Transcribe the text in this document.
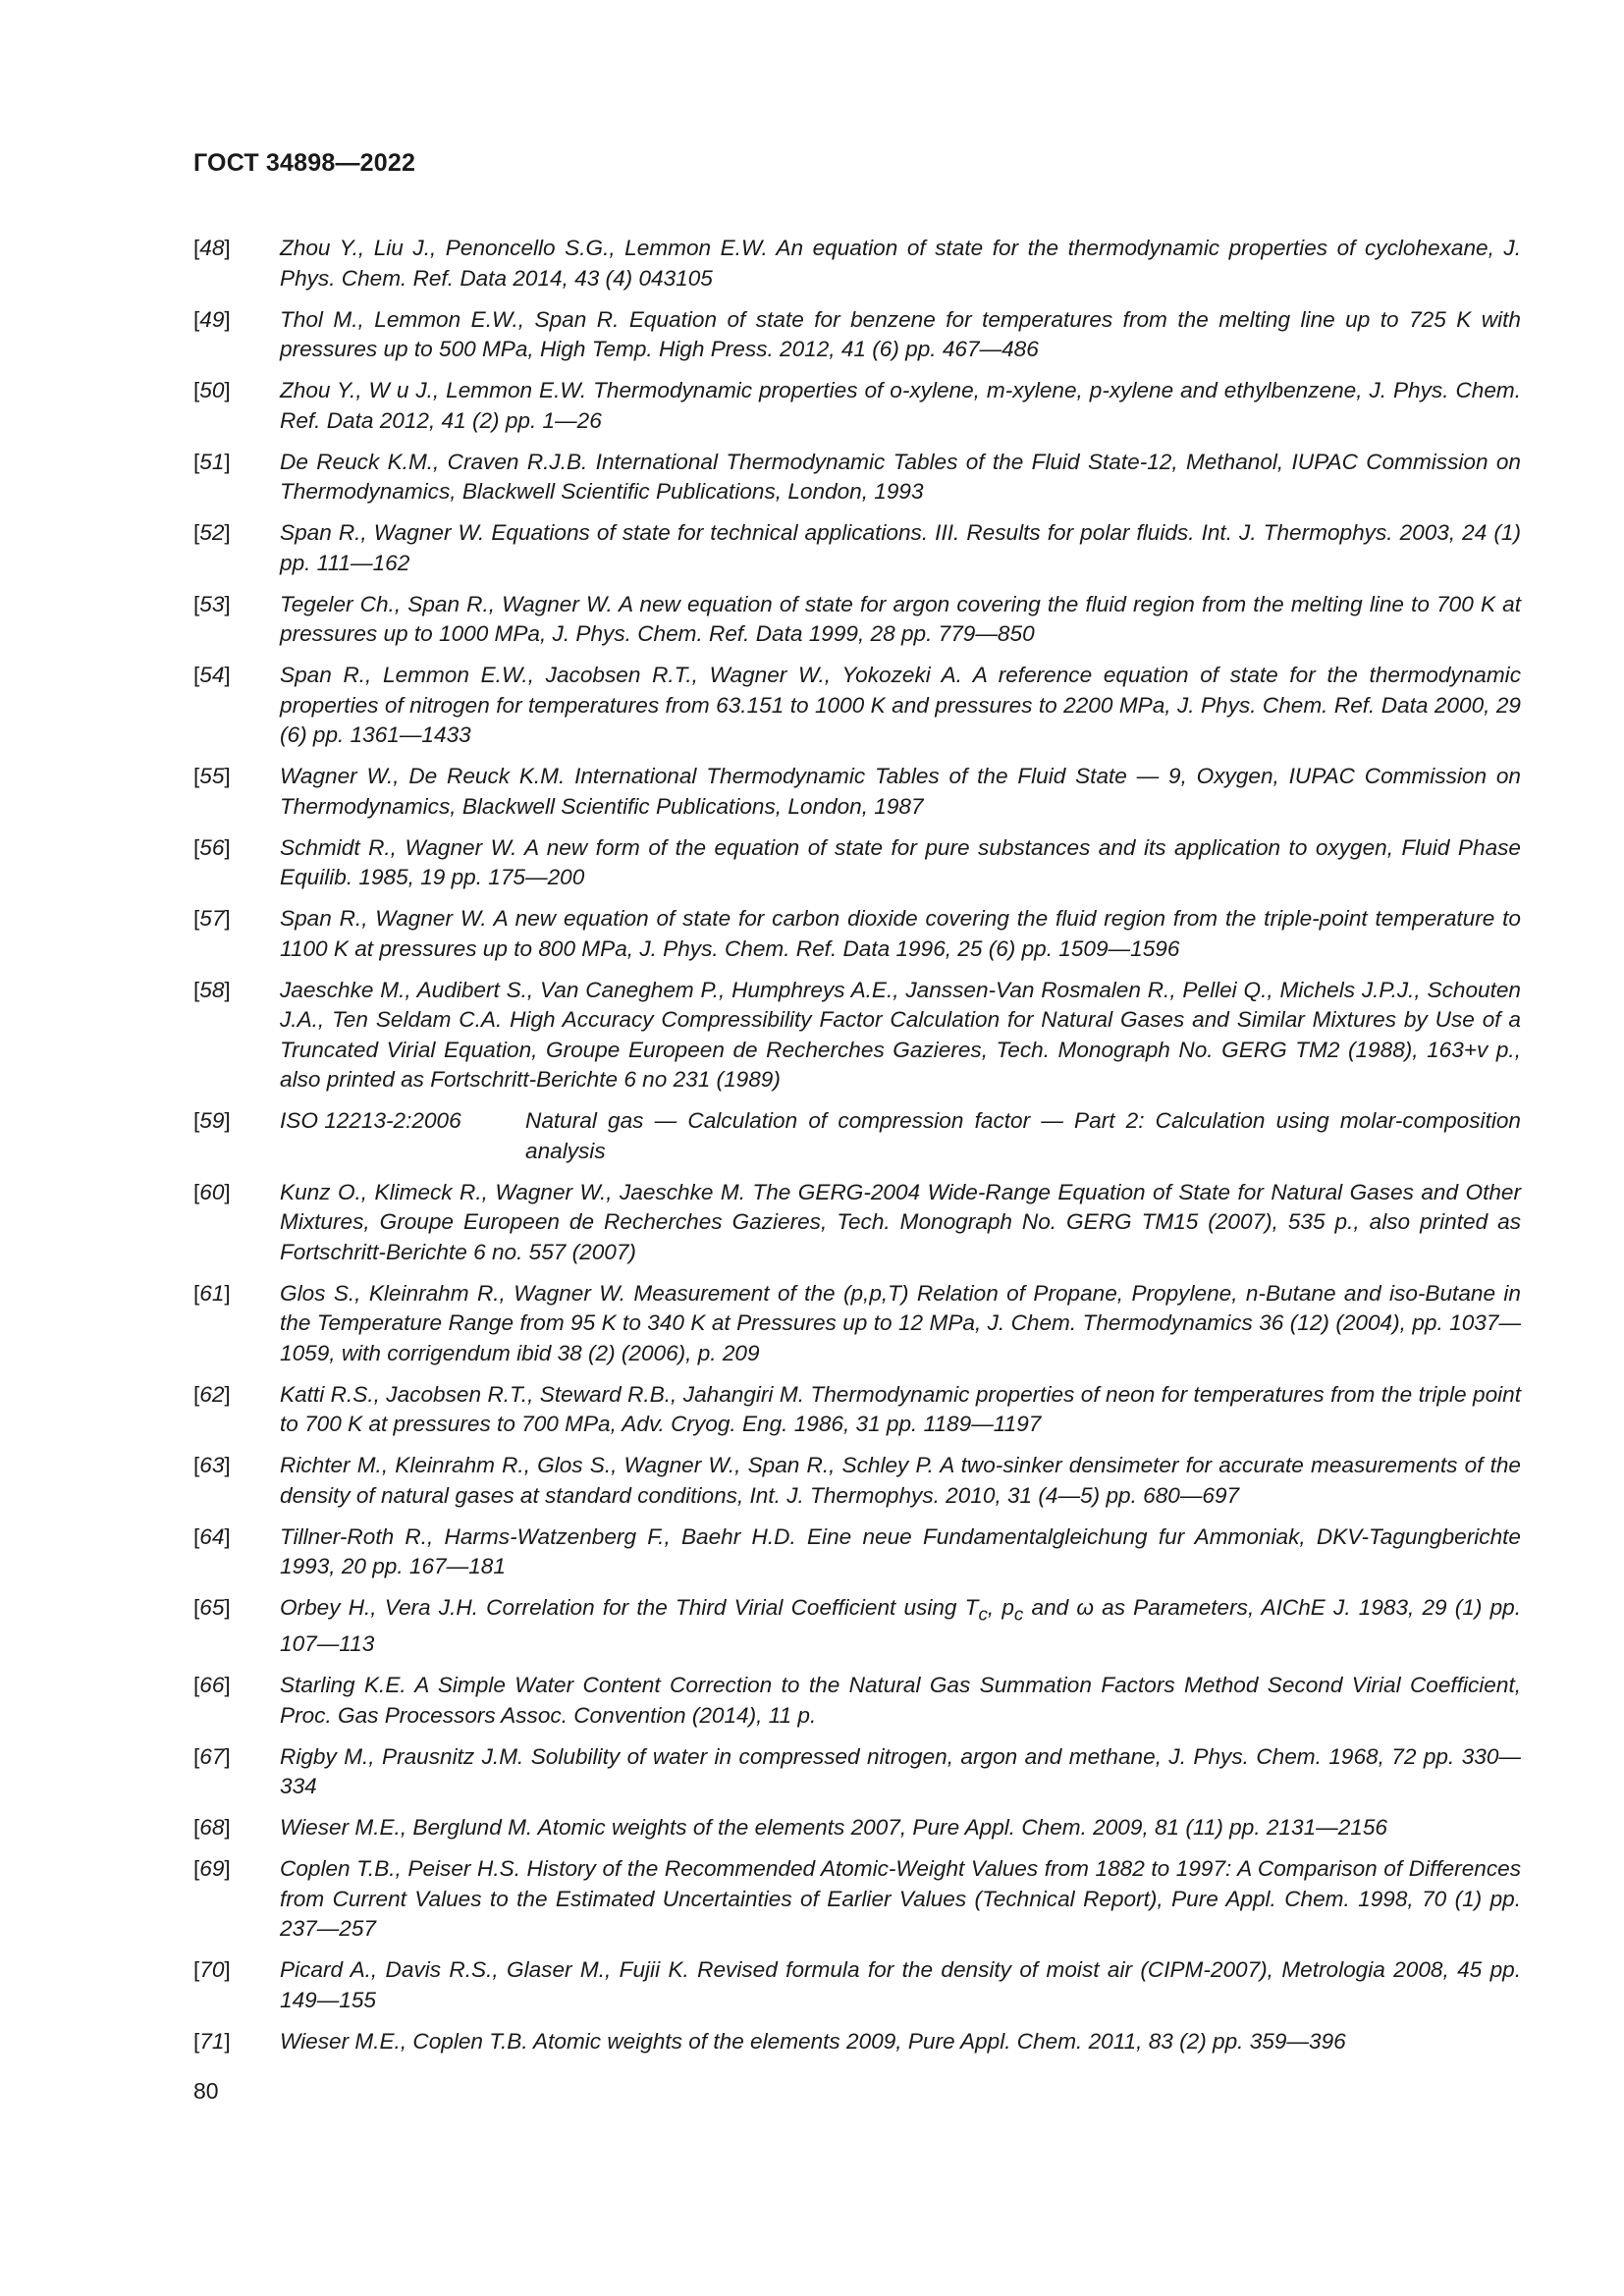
ГОСТ 34898—2022
[48] Zhou Y., Liu J., Penoncello S.G., Lemmon E.W. An equation of state for the thermodynamic properties of cyclohexane, J. Phys. Chem. Ref. Data 2014, 43 (4) 043105
[49] Thol M., Lemmon E.W., Span R. Equation of state for benzene for temperatures from the melting line up to 725 K with pressures up to 500 MPa, High Temp. High Press. 2012, 41 (6) pp. 467—486
[50] Zhou Y., W u J., Lemmon E.W. Thermodynamic properties of o-xylene, m-xylene, p-xylene and ethylbenzene, J. Phys. Chem. Ref. Data 2012, 41 (2) pp. 1—26
[51] De Reuck K.M., Craven R.J.B. International Thermodynamic Tables of the Fluid State-12, Methanol, IUPAC Commission on Thermodynamics, Blackwell Scientific Publications, London, 1993
[52] Span R., Wagner W. Equations of state for technical applications. III. Results for polar fluids. Int. J. Thermophys. 2003, 24 (1) pp. 111—162
[53] Tegeler Ch., Span R., Wagner W. A new equation of state for argon covering the fluid region from the melting line to 700 K at pressures up to 1000 MPa, J. Phys. Chem. Ref. Data 1999, 28 pp. 779—850
[54] Span R., Lemmon E.W., Jacobsen R.T., Wagner W., Yokozeki A. A reference equation of state for the thermodynamic properties of nitrogen for temperatures from 63.151 to 1000 K and pressures to 2200 MPa, J. Phys. Chem. Ref. Data 2000, 29 (6) pp. 1361—1433
[55] Wagner W., De Reuck K.M. International Thermodynamic Tables of the Fluid State — 9, Oxygen, IUPAC Commission on Thermodynamics, Blackwell Scientific Publications, London, 1987
[56] Schmidt R., Wagner W. A new form of the equation of state for pure substances and its application to oxygen, Fluid Phase Equilib. 1985, 19 pp. 175—200
[57] Span R., Wagner W. A new equation of state for carbon dioxide covering the fluid region from the triple-point temperature to 1100 K at pressures up to 800 MPa, J. Phys. Chem. Ref. Data 1996, 25 (6) pp. 1509—1596
[58] Jaeschke M., Audibert S., Van Caneghem P., Humphreys A.E., Janssen-Van Rosmalen R., Pellei Q., Michels J.P.J., Schouten J.A., Ten Seldam C.A. High Accuracy Compressibility Factor Calculation for Natural Gases and Similar Mixtures by Use of a Truncated Virial Equation, Groupe Europeen de Recherches Gazieres, Tech. Monograph No. GERG TM2 (1988), 163+v p., also printed as Fortschritt-Berichte 6 no 231 (1989)
[59] ISO 12213-2:2006	Natural gas — Calculation of compression factor — Part 2: Calculation using molar-composition analysis
[60] Kunz O., Klimeck R., Wagner W., Jaeschke M. The GERG-2004 Wide-Range Equation of State for Natural Gases and Other Mixtures, Groupe Europeen de Recherches Gazieres, Tech. Monograph No. GERG TM15 (2007), 535 p., also printed as Fortschritt-Berichte 6 no. 557 (2007)
[61] Glos S., Kleinrahm R., Wagner W. Measurement of the (p,p,T) Relation of Propane, Propylene, n-Butane and iso-Butane in the Temperature Range from 95 K to 340 K at Pressures up to 12 MPa, J. Chem. Thermodynamics 36 (12) (2004), pp. 1037—1059, with corrigendum ibid 38 (2) (2006), p. 209
[62] Katti R.S., Jacobsen R.T., Steward R.B., Jahangiri M. Thermodynamic properties of neon for temperatures from the triple point to 700 K at pressures to 700 MPa, Adv. Cryog. Eng. 1986, 31 pp. 1189—1197
[63] Richter M., Kleinrahm R., Glos S., Wagner W., Span R., Schley P. A two-sinker densimeter for accurate measurements of the density of natural gases at standard conditions, Int. J. Thermophys. 2010, 31 (4—5) pp. 680—697
[64] Tillner-Roth R., Harms-Watzenberg F., Baehr H.D. Eine neue Fundamentalgleichung fur Ammoniak, DKV-Tagungberichte 1993, 20 pp. 167—181
[65] Orbey H., Vera J.H. Correlation for the Third Virial Coefficient using $T_c$, $p_c$ and ω as Parameters, AIChE J. 1983, 29 (1) pp. 107—113
[66] Starling K.E. A Simple Water Content Correction to the Natural Gas Summation Factors Method Second Virial Coefficient, Proc. Gas Processors Assoc. Convention (2014), 11 p.
[67] Rigby M., Prausnitz J.M. Solubility of water in compressed nitrogen, argon and methane, J. Phys. Chem. 1968, 72 pp. 330—334
[68] Wieser M.E., Berglund M. Atomic weights of the elements 2007, Pure Appl. Chem. 2009, 81 (11) pp. 2131—2156
[69] Coplen T.B., Peiser H.S. History of the Recommended Atomic-Weight Values from 1882 to 1997: A Comparison of Differences from Current Values to the Estimated Uncertainties of Earlier Values (Technical Report), Pure Appl. Chem. 1998, 70 (1) pp. 237—257
[70] Picard A., Davis R.S., Glaser M., Fujii K. Revised formula for the density of moist air (CIPM-2007), Metrologia 2008, 45 pp. 149—155
[71] Wieser M.E., Coplen T.B. Atomic weights of the elements 2009, Pure Appl. Chem. 2011, 83 (2) pp. 359—396
80
